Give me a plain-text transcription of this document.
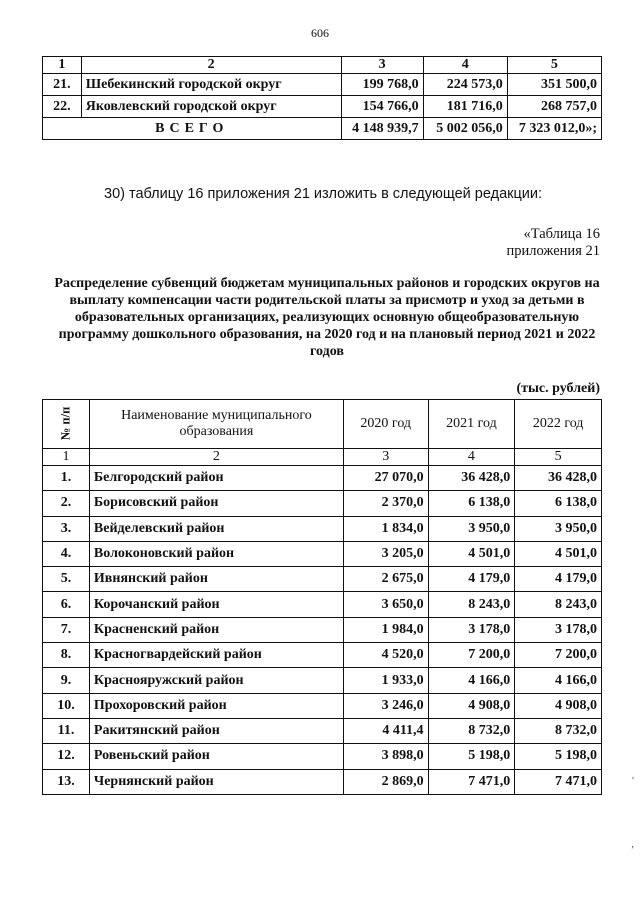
606
1	2	3	4	5
21.	Шебекинский городской округ	199 768,0	224 573,0	351 500,0
22.	Яковлевский городской округ	154 766,0	181 716,0	268 757,0
ВСЕГО		4 148 939,7	5 002 056,0	7 323 012,0»;
30) таблицу 16 приложения 21 изложить в следующей редакции:
«Таблица 16
приложения 21
Распределение субвенций бюджетам муниципальных районов и городских округов на выплату компенсации части родительской платы за присмотр и уход за детьми в образовательных организациях, реализующих основную общеобразовательную программу дошкольного образования, на 2020 год и на плановый период 2021 и 2022 годов
(тыс. рублей)
№ п/п	Наименование муниципального образования	2020 год	2021 год	2022 год
1	2	3	4	5
1.	Белгородский район	27 070,0	36 428,0	36 428,0
2.	Борисовский район	2 370,0	6 138,0	6 138,0
3.	Вейделевский район	1 834,0	3 950,0	3 950,0
4.	Волоконовский район	3 205,0	4 501,0	4 501,0
5.	Ивнянский район	2 675,0	4 179,0	4 179,0
6.	Корочанский район	3 650,0	8 243,0	8 243,0
7.	Красненский район	1 984,0	3 178,0	3 178,0
8.	Красногвардейский район	4 520,0	7 200,0	7 200,0
9.	Краснояружский район	1 933,0	4 166,0	4 166,0
10.	Прохоровский район	3 246,0	4 908,0	4 908,0
11.	Ракитянский район	4 411,4	8 732,0	8 732,0
12.	Ровеньский район	3 898,0	5 198,0	5 198,0
13.	Чернянский район	2 869,0	7 471,0	7 471,0	'
,
